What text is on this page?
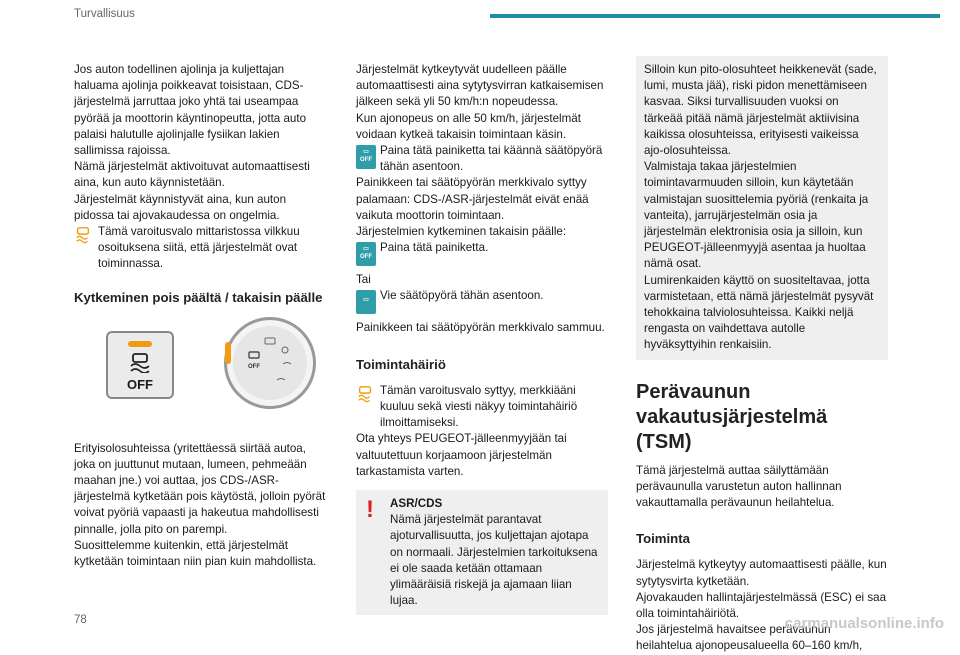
Turvallisuus

Jos auton todellinen ajolinja ja kuljettajan haluama ajolinja poikkeavat toisistaan, CDS-järjestelmä jarruttaa joko yhtä tai useampaa pyörää ja moottorin käyntinopeutta, jotta auto palaisi halutulle ajolinjalle fysiikan lakien sallimissa rajoissa.

Nämä järjestelmät aktivoituvat automaattisesti aina, kun auto käynnistetään.

Järjestelmät käynnistyvät aina, kun auton pidossa tai ajovakaudessa on ongelmia.

Tämä varoitusvalo mittaristossa vilkkuu osoituksena siitä, että järjestelmät ovat toiminnassa.

Kytkeminen pois päältä / takaisin päälle
OFF
OFF

Erityisolosuhteissa (yritettäessä siirtää autoa, joka on juuttunut mutaan, lumeen, pehmeään maahan jne.) voi auttaa, jos CDS-/ASR-järjestelmä kytketään pois käytöstä, jolloin pyörät voivat pyöriä vapaasti ja hakeutua mahdollisesti pinnalle, jolla pito on parempi.

Suosittelemme kuitenkin, että järjestelmät kytketään toimintaan niin pian kuin mahdollista.

Järjestelmät kytkeytyvät uudelleen päälle automaattisesti aina sytytysvirran katkaisemisen jälkeen sekä yli 50 km/h:n nopeudessa.

Kun ajonopeus on alle 50 km/h, järjestelmät voidaan kytkeä takaisin toimintaan käsin.

▭
OFF

Paina tätä painiketta tai käännä säätöpyörä tähän asentoon.

Painikkeen tai säätöpyörän merkkivalo syttyy palamaan: CDS-/ASR-järjestelmät eivät enää vaikuta moottorin toimintaan.

Järjestelmien kytkeminen takaisin päälle:

▭
OFF

Paina tätä painiketta.

Tai

▭ Vie säätöpyörä tähän asentoon.

Painikkeen tai säätöpyörän merkkivalo sammuu.

Toimintahäiriö

Tämän varoitusvalo syttyy, merkkiääni kuuluu sekä viesti näkyy toimintahäiriö ilmoittamiseksi.

Ota yhteys PEUGEOT-jälleenmyyjään tai valtuutettuun korjaamoon järjestelmän tarkastamista varten.

!	ASR/CDS
Nämä järjestelmät parantavat ajoturvallisuutta, jos kuljettajan ajotapa on normaali. Järjestelmien tarkoituksena ei ole saada ketään ottamaan ylimääräisiä riskejä ja ajamaan liian lujaa.

Silloin kun pito-olosuhteet heikkenevät (sade, lumi, musta jää), riski pidon menettämiseen kasvaa. Siksi turvallisuuden vuoksi on tärkeää pitää nämä järjestelmät aktiivisina kaikissa olosuhteissa, erityisesti vaikeissa ajo-olosuhteissa.

Valmistaja takaa järjestelmien toimintavarmuuden silloin, kun käytetään valmistajan suosittelemia pyöriä (renkaita ja vanteita), jarrujärjestelmän osia ja järjestelmän elektronisia osia ja silloin, kun PEUGEOT-jälleenmyyjä asentaa ja huoltaa nämä osat.

Lumirenkaiden käyttö on suositeltavaa, jotta varmistetaan, että nämä järjestelmät pysyvät tehokkaina talviolosuhteissa. Kaikki neljä rengasta on vaihdettava autolle hyväksyttyihin renkaisiin.

Perävaunun vakautusjärjestelmä (TSM)

Tämä järjestelmä auttaa säilyttämään perävaunulla varustetun auton hallinnan vakauttamalla perävaunun heilahtelua.

Toiminta

Järjestelmä kytkeytyy automaattisesti päälle, kun sytytysvirta kytketään.

Ajovakauden hallintajärjestelmässä (ESC) ei saa olla toimintahäiriötä.

Jos järjestelmä havaitsee perävaunun heilahtelua ajonopeusalueella 60–160 km/h,

78	carmanualsonline.info
